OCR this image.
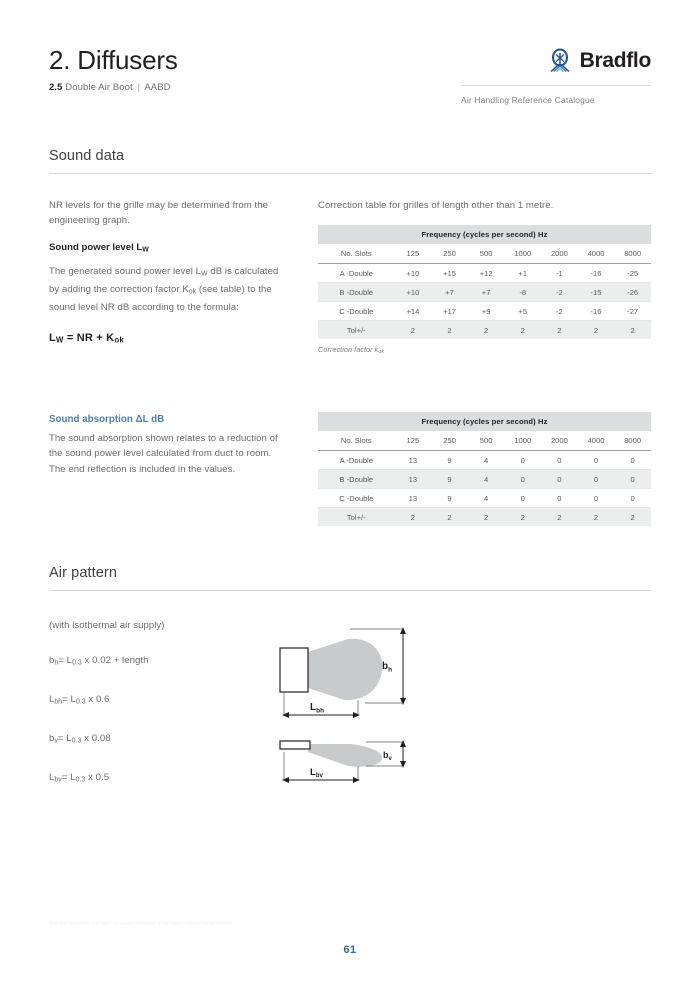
2. Diffusers
2.5 Double Air Boot | AABD
Bradflo
Air Handling Reference Catalogue
Sound data

NR levels for the grille may be determined from the engineering graph.

Sound power level $L_W$

The generated sound power level $L_W$ dB is calculated by adding the correction factor $K_{ok}$ (see table) to the sound level NR dB according to the formula:

$L_W$ = NR + $K_{ok}$

Sound absorption ΔL dB

The sound absorption shown relates to a reduction of the sound power level calculated from duct to room. The end reflection is included in the values.

Correction table for grilles of length other than 1 metre.

Frequency (cycles per second) Hz							
No. Slots	125	250	500	1000	2000	4000	8000
A -Double	+10	+15	+12	+1	-1	-16	-25
B -Double	+10	+7	+7	-8	-2	-15	-26
C -Double	+14	+17	+9	+5	-2	-16	-27
Tol+/-	2	2	2	2	2	2	2
Correction factor $k_{ok}$
Frequency (cycles per second) Hz							
No. Slots	125	250	500	1000	2000	4000	8000
A -Double	13	9	4	0	0	0	0
B -Double	13	9	4	0	0	0	0
C -Double	13	9	4	0	0	0	0
Tol+/-	2	2	2	2	2	2	2
Air pattern

(with isothermal air supply)

$b_h= L_{0.3}$ x 0.02 + length

$L_{bh}= L_{0.3}$ x 0.6

$b_v= L_{0.3}$ x 0.08

$L_{bv}= L_{0.3}$ x 0.5

$b_h$
$L_{bh}$
$b_v$
$L_{bv}$
Bradflo reserves the right to make changes to product without prior notice.
61
